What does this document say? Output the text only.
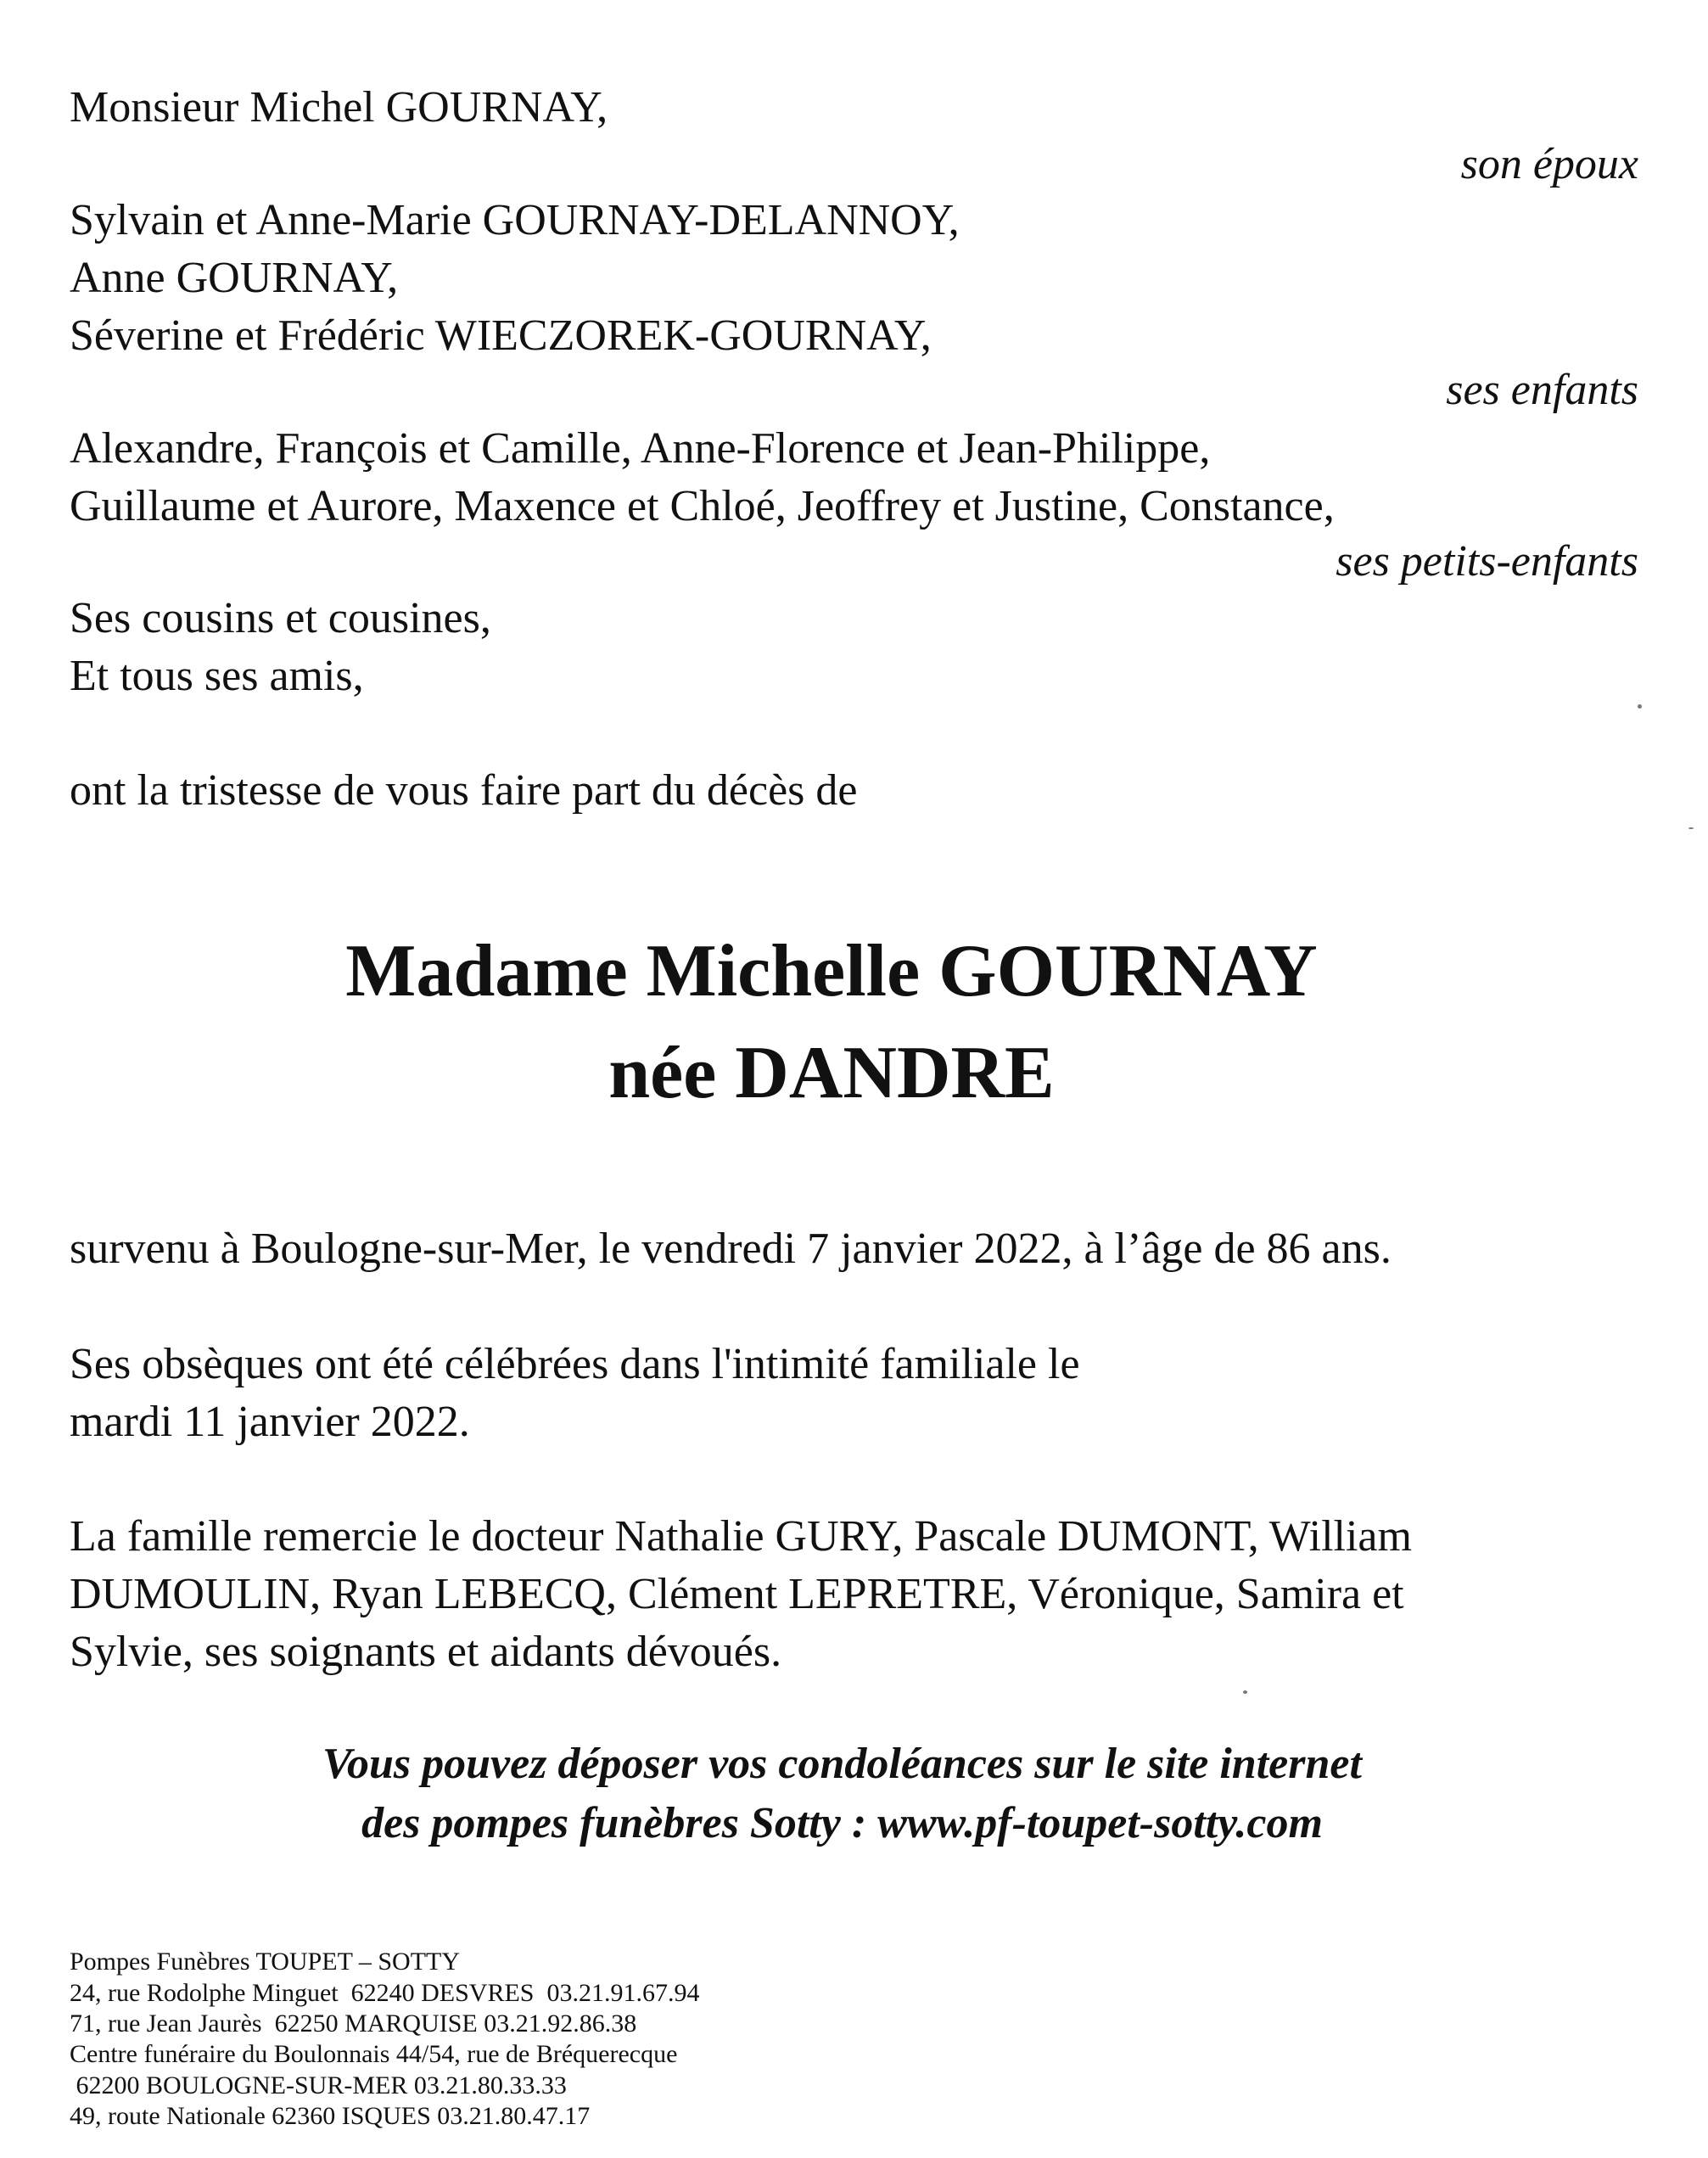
Monsieur Michel GOURNAY,

son époux

Sylvain et Anne-Marie GOURNAY-DELANNOY,

Anne GOURNAY,

Séverine et Frédéric WIECZOREK-GOURNAY,

ses enfants

Alexandre, François et Camille, Anne-Florence et Jean-Philippe,

Guillaume et Aurore, Maxence et Chloé, Jeoffrey et Justine, Constance,

ses petits-enfants

Ses cousins et cousines,

Et tous ses amis,

ont la tristesse de vous faire part du décès de

Madame Michelle GOURNAY
née DANDRE

survenu à Boulogne-sur-Mer, le vendredi 7 janvier 2022, à l’âge de 86 ans.

Ses obsèques ont été célébrées dans l'intimité familiale le

mardi 11 janvier 2022.

La famille remercie le docteur Nathalie GURY, Pascale DUMONT, William

DUMOULIN, Ryan LEBECQ, Clément LEPRETRE, Véronique, Samira et

Sylvie, ses soignants et aidants dévoués.

Vous pouvez déposer vos condoléances sur le site internet

des pompes funèbres Sotty : www.pf-toupet-sotty.com

Pompes Funèbres TOUPET – SOTTY

24, rue Rodolphe Minguet  62240 DESVRES  03.21.91.67.94

71, rue Jean Jaurès  62250 MARQUISE 03.21.92.86.38

Centre funéraire du Boulonnais 44/54, rue de Bréquerecque

62200 BOULOGNE-SUR-MER 03.21.80.33.33

49, route Nationale 62360 ISQUES 03.21.80.47.17
